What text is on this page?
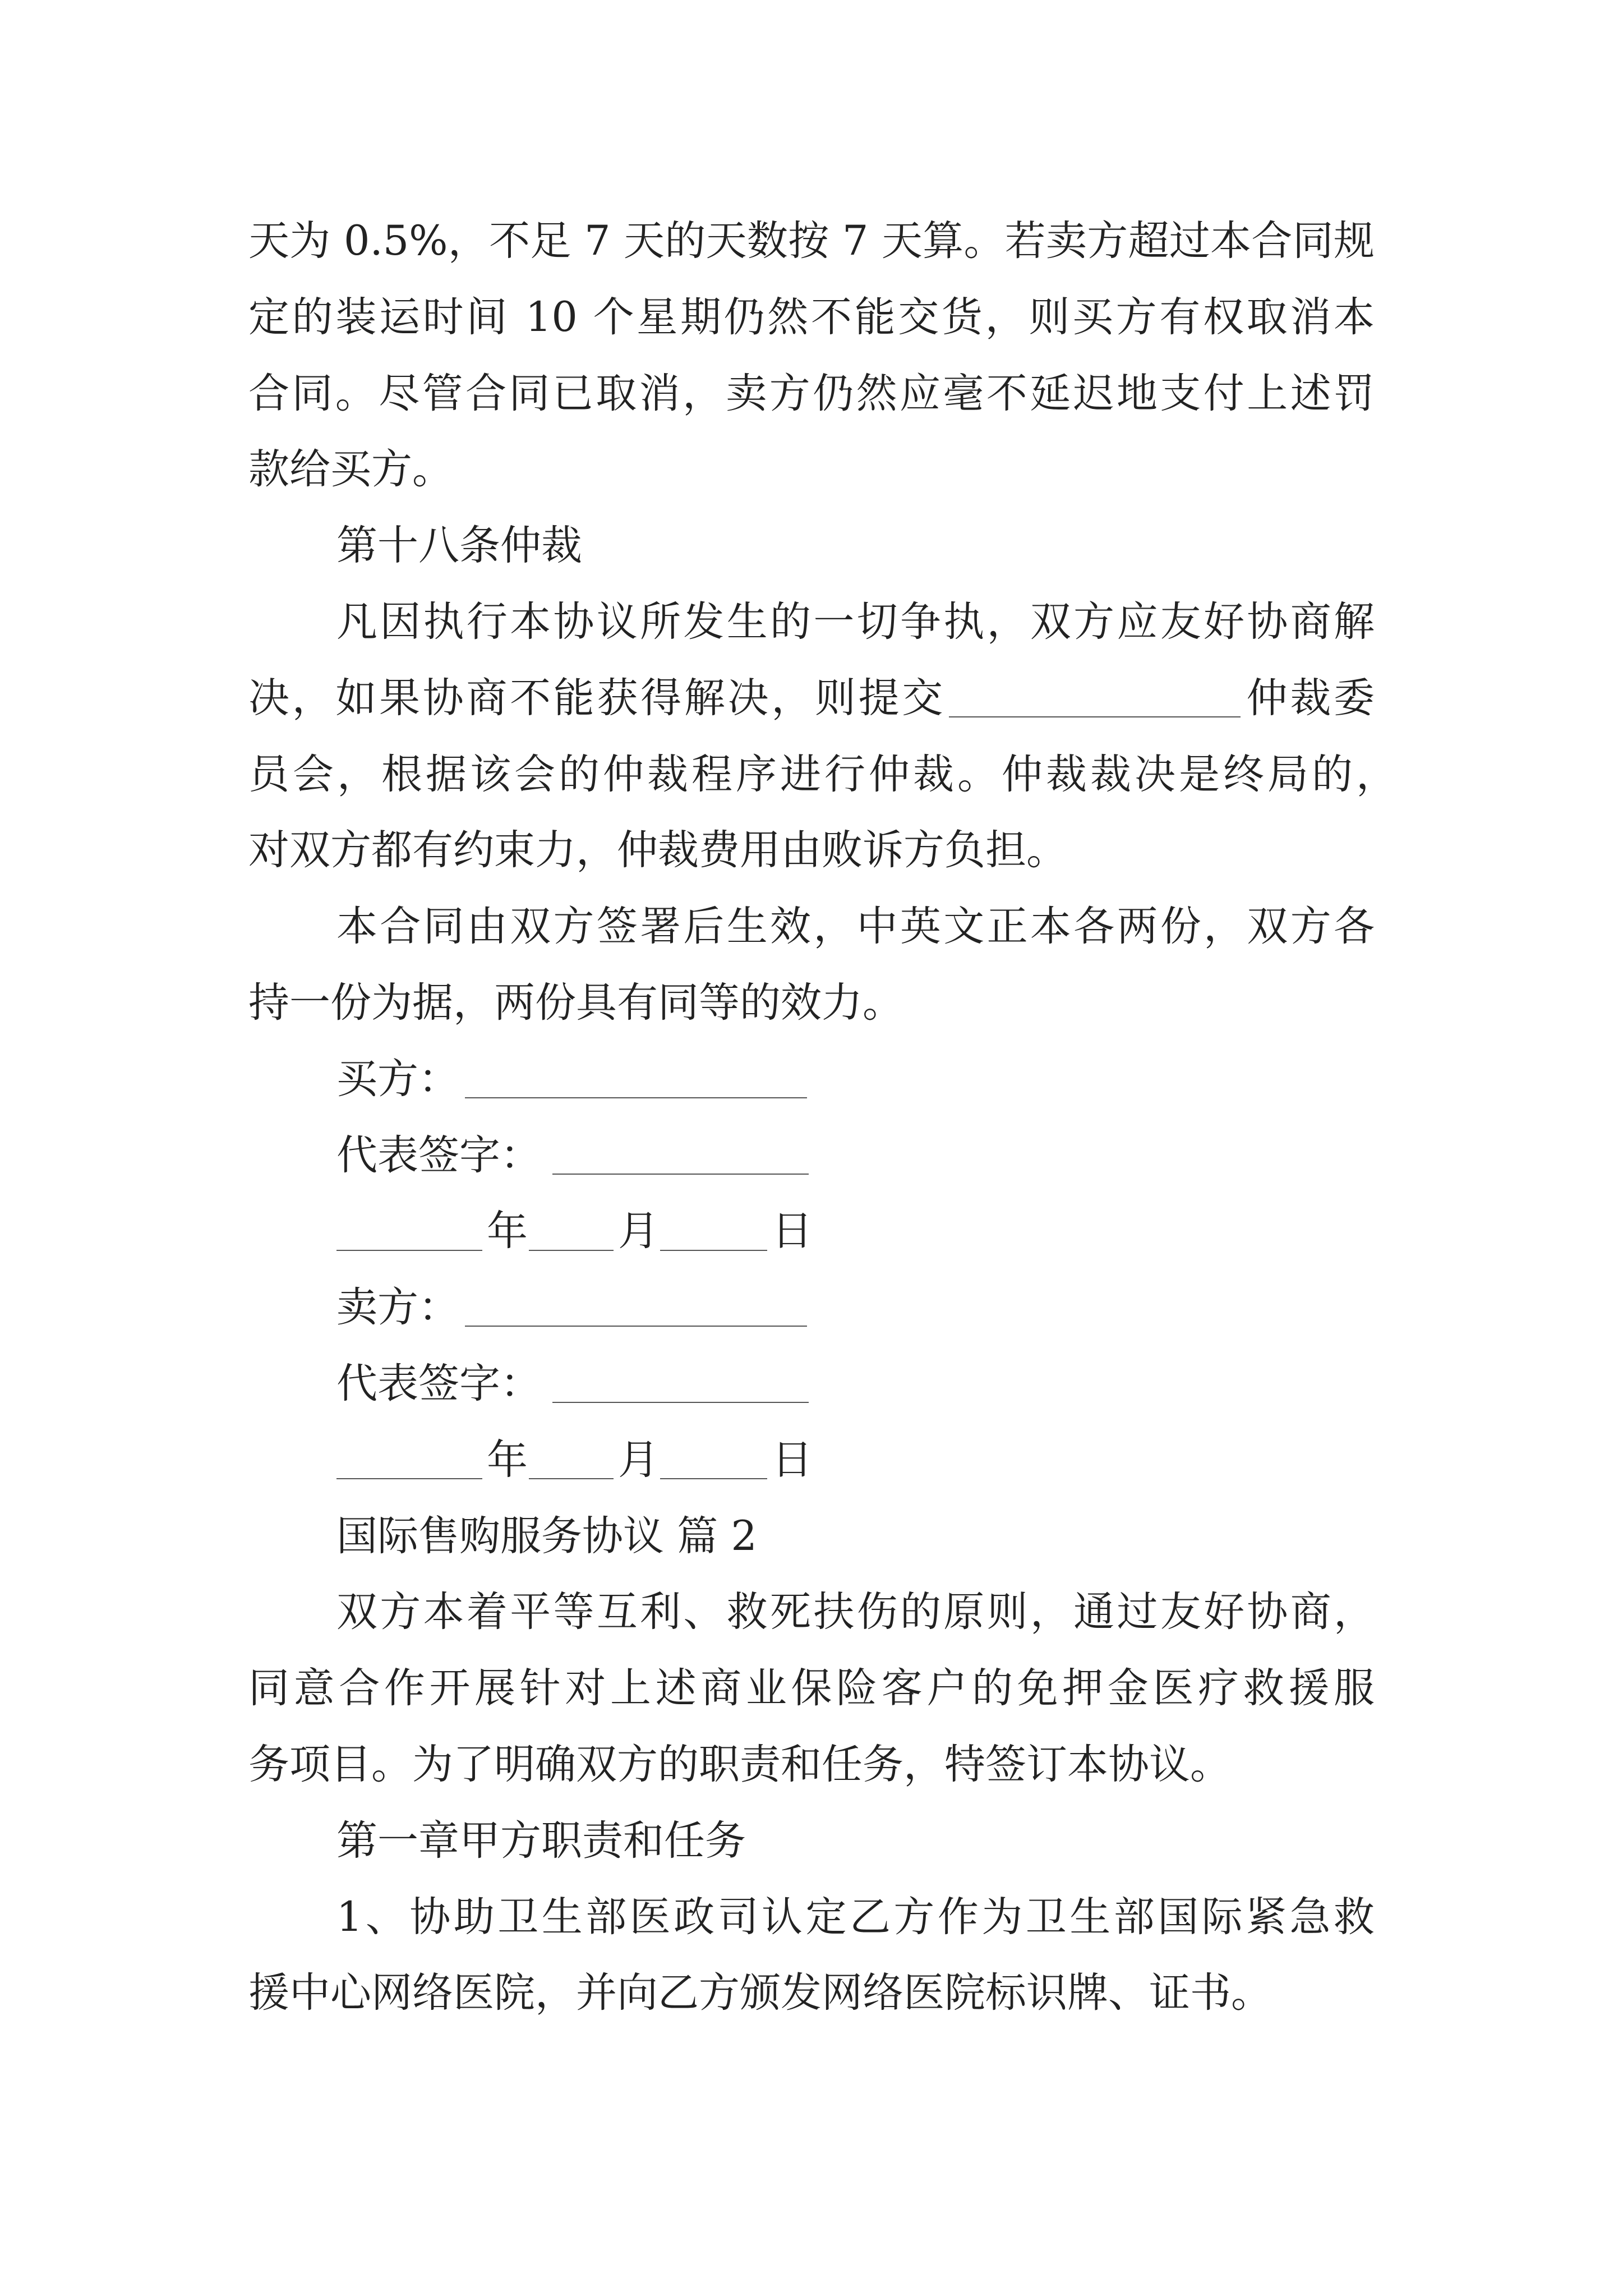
天为 0.5%，不足 7 天的天数按 7 天算。若卖方超过本合同规
定的装运时间 10 个星期仍然不能交货，则买方有权取消本
合同。尽管合同已取消，卖方仍然应毫不延迟地支付上述罚
款给买方。
第十八条仲裁
凡因执行本协议所发生的一切争执，双方应友好协商解
决，如果协商不能获得解决，则提交	仲裁委
员会，根据该会的仲裁程序进行仲裁。仲裁裁决是终局的，
对双方都有约束力，仲裁费用由败诉方负担。
本合同由双方签署后生效，中英文正本各两份，双方各
持一份为据，两份具有同等的效力。
买方：
代表签字：
年 月	日
卖方：
代表签字：
年 月	日
国际售购服务协议 篇 2
双方本着平等互利、救死扶伤的原则，通过友好协商，
同意合作开展针对上述商业保险客户的免押金医疗救援服
务项目。为了明确双方的职责和任务，特签订本协议。
第一章甲方职责和任务
1、协助卫生部医政司认定乙方作为卫生部国际紧急救
援中心网络医院，并向乙方颁发网络医院标识牌、证书。
